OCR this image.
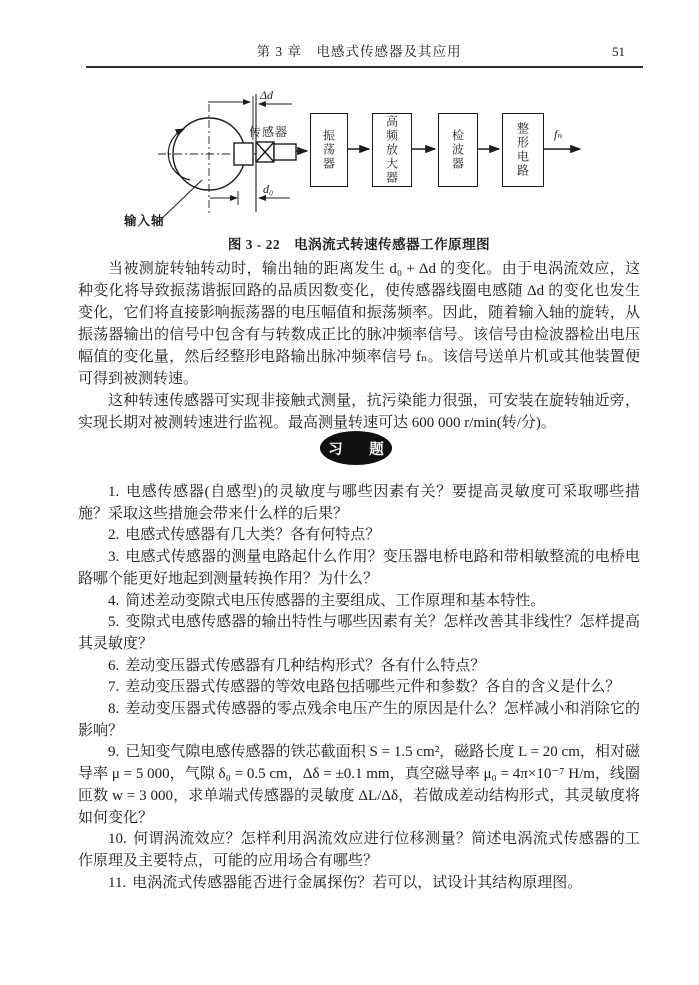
第 3 章　电感式传感器及其应用	51
振荡器	高频放大器	检波器	整形电路
Δd
传感器
d₀
fₙ
输入轴
图 3 - 22　电涡流式转速传感器工作原理图

当被测旋转轴转动时，输出轴的距离发生 d₀ + Δd 的变化。由于电涡流效应，这种变化将导致振荡谐振回路的品质因数变化，使传感器线圈电感随 Δd 的变化也发生变化，它们将直接影响振荡器的电压幅值和振荡频率。因此，随着输入轴的旋转，从振荡器输出的信号中包含有与转数成正比的脉冲频率信号。该信号由检波器检出电压幅值的变化量，然后经整形电路输出脉冲频率信号 fₙ。该信号送单片机或其他装置便可得到被测转速。

这种转速传感器可实现非接触式测量，抗污染能力很强，可安装在旋转轴近旁，实现长期对被测转速进行监视。最高测量转速可达 600 000 r/min(转/分)。

习　题

1. 电感传感器(自感型)的灵敏度与哪些因素有关？要提高灵敏度可采取哪些措施？采取这些措施会带来什么样的后果？

2. 电感式传感器有几大类？各有何特点？

3. 电感式传感器的测量电路起什么作用？变压器电桥电路和带相敏整流的电桥电路哪个能更好地起到测量转换作用？为什么？

4. 简述差动变隙式电压传感器的主要组成、工作原理和基本特性。

5. 变隙式电感传感器的输出特性与哪些因素有关？怎样改善其非线性？怎样提高其灵敏度？

6. 差动变压器式传感器有几种结构形式？各有什么特点？

7. 差动变压器式传感器的等效电路包括哪些元件和参数？各自的含义是什么？

8. 差动变压器式传感器的零点残余电压产生的原因是什么？怎样减小和消除它的影响？

9. 已知变气隙电感传感器的铁芯截面积 S = 1.5 cm²，磁路长度 L = 20 cm，相对磁导率 μ = 5 000，气隙 δ₀ = 0.5 cm，Δδ = ±0.1 mm，真空磁导率 μ₀ = 4π×10⁻⁷ H/m，线圈匝数 w = 3 000，求单端式传感器的灵敏度 ΔL/Δδ，若做成差动结构形式，其灵敏度将如何变化？

10. 何谓涡流效应？怎样利用涡流效应进行位移测量？简述电涡流式传感器的工作原理及主要特点，可能的应用场合有哪些？

11. 电涡流式传感器能否进行金属探伤？若可以，试设计其结构原理图。
